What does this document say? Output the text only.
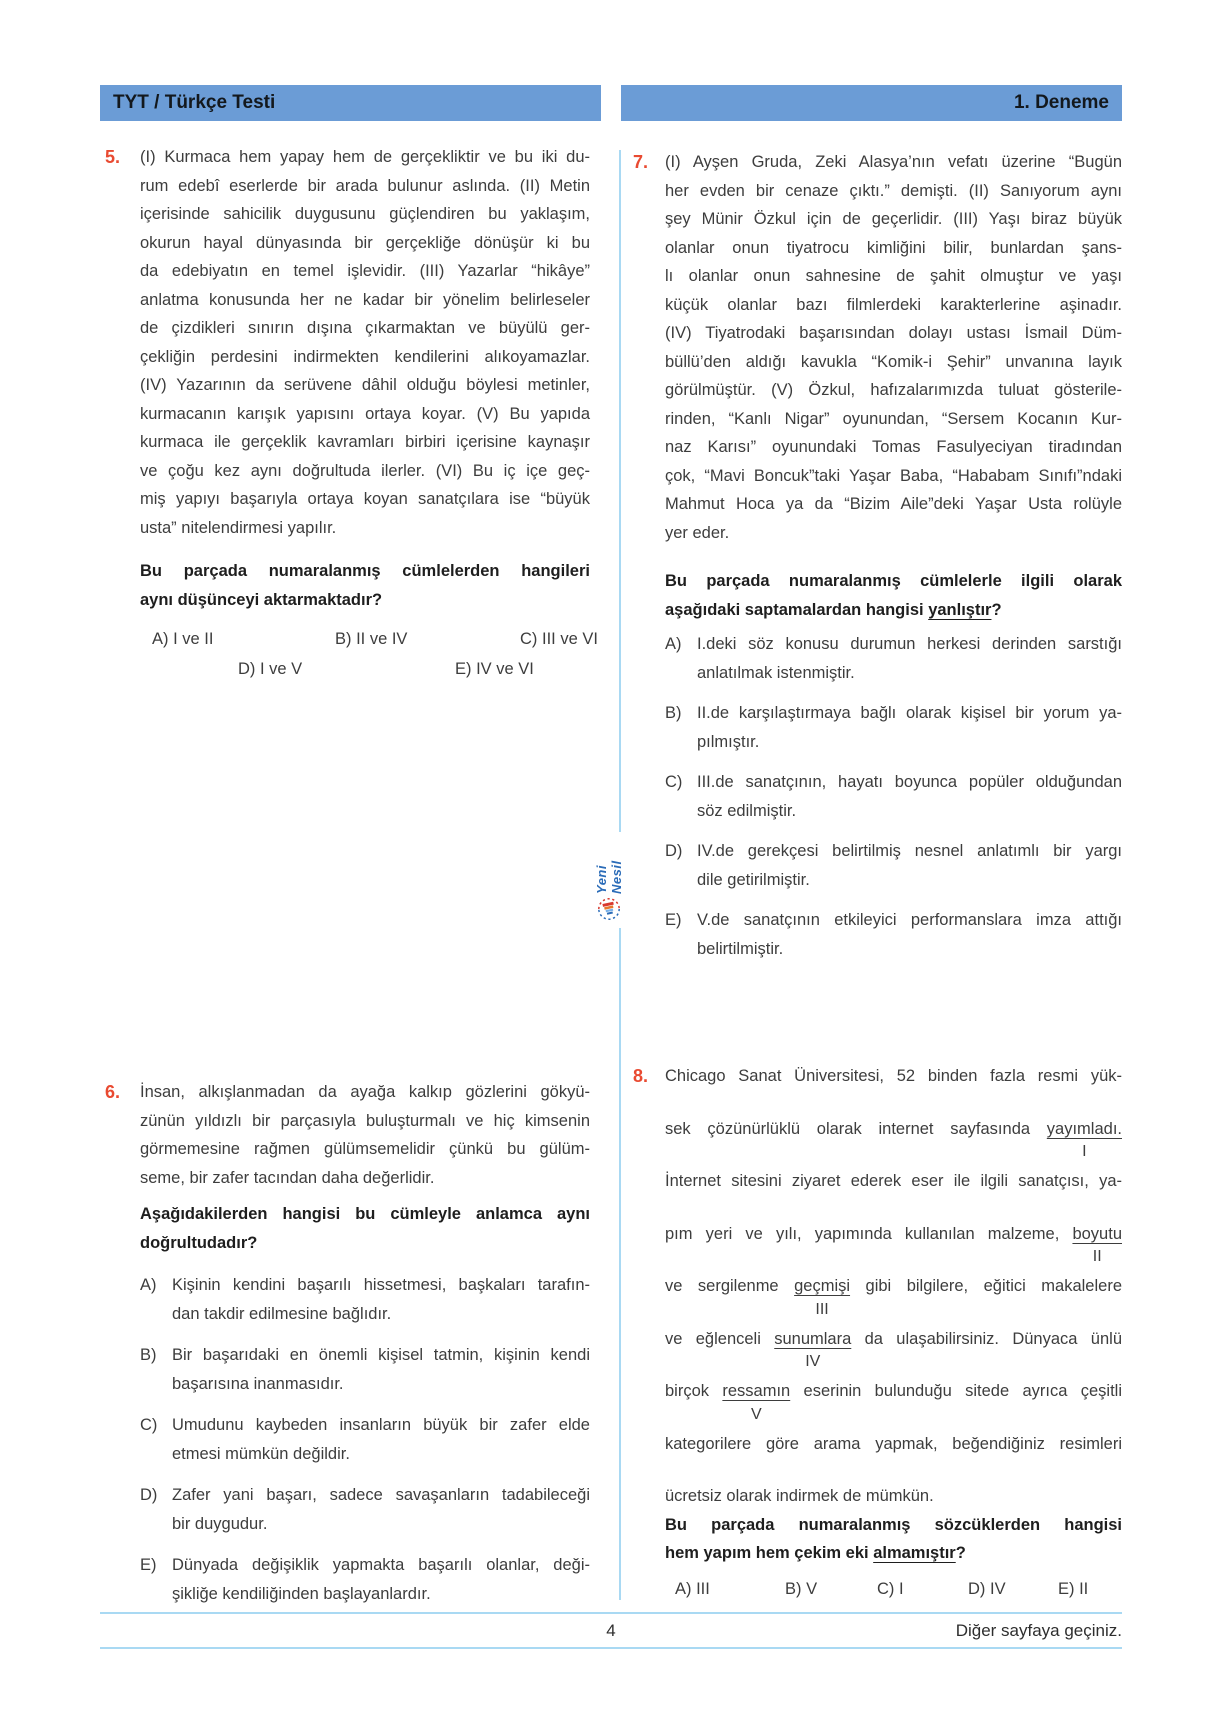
TYT / Türkçe Testi	1. Deneme
Yeni Nesil
5.	(I) Kurmaca hem yapay hem de gerçekliktir ve bu iki du-
rum edebî eserlerde bir arada bulunur aslında. (II) Metin
içerisinde sahicilik duygusunu güçlendiren bu yaklaşım,
okurun hayal dünyasında bir gerçekliğe dönüşür ki bu
da edebiyatın en temel işlevidir. (III) Yazarlar “hikâye”
anlatma konusunda her ne kadar bir yönelim belirleseler
de çizdikleri sınırın dışına çıkarmaktan ve büyülü ger-
çekliğin perdesini indirmekten kendilerini alıkoyamazlar.
(IV) Yazarının da serüvene dâhil olduğu böylesi metinler,
kurmacanın karışık yapısını ortaya koyar. (V) Bu yapıda
kurmaca ile gerçeklik kavramları birbiri içerisine kaynaşır
ve çoğu kez aynı doğrultuda ilerler. (VI) Bu iç içe geç-
miş yapıyı başarıyla ortaya koyan sanatçılara ise “büyük
usta” nitelendirmesi yapılır.
Bu parçada numaralanmış cümlelerden hangileri
aynı düşünceyi aktarmaktadır?
A) I ve II	B) II ve IV	C) III ve VI
D) I ve V	E) IV ve VI
6.	İnsan, alkışlanmadan da ayağa kalkıp gözlerini gökyü-
zünün yıldızlı bir parçasıyla buluşturmalı ve hiç kimsenin
görmemesine rağmen gülümsemelidir çünkü bu gülüm-
seme, bir zafer tacından daha değerlidir.
Aşağıdakilerden hangisi bu cümleyle anlamca aynı
doğrultudadır?
A) Kişinin kendini başarılı hissetmesi, başkaları tarafın-
dan takdir edilmesine bağlıdır.
B) Bir başarıdaki en önemli kişisel tatmin, kişinin kendi
başarısına inanmasıdır.
C) Umudunu kaybeden insanların büyük bir zafer elde
etmesi mümkün değildir.
D) Zafer yani başarı, sadece savaşanların tadabileceği
bir duygudur.
E) Dünyada değişiklik yapmakta başarılı olanlar, deği-
şikliğe kendiliğinden başlayanlardır.
7.	(I) Ayşen Gruda, Zeki Alasya’nın vefatı üzerine “Bugün
her evden bir cenaze çıktı.” demişti. (II) Sanıyorum aynı
şey Münir Özkul için de geçerlidir. (III) Yaşı biraz büyük
olanlar onun tiyatrocu kimliğini bilir, bunlardan şans-
lı olanlar onun sahnesine de şahit olmuştur ve yaşı
küçük olanlar bazı filmlerdeki karakterlerine aşinadır.
(IV) Tiyatrodaki başarısından dolayı ustası İsmail Düm-
büllü’den aldığı kavukla “Komik-i Şehir” unvanına layık
görülmüştür. (V) Özkul, hafızalarımızda tuluat gösterile-
rinden, “Kanlı Nigar” oyunundan, “Sersem Kocanın Kur-
naz Karısı” oyunundaki Tomas Fasulyeciyan tiradından
çok, “Mavi Boncuk”taki Yaşar Baba, “Hababam Sınıfı”ndaki
Mahmut Hoca ya da “Bizim Aile”deki Yaşar Usta rolüyle
yer eder.
Bu parçada numaralanmış cümlelerle ilgili olarak
aşağıdaki saptamalardan hangisi yanlıştır?
A) I.deki söz konusu durumun herkesi derinden sarstığı
anlatılmak istenmiştir.
B) II.de karşılaştırmaya bağlı olarak kişisel bir yorum ya-
pılmıştır.
C) III.de sanatçının, hayatı boyunca popüler olduğundan
söz edilmiştir.
D) IV.de gerekçesi belirtilmiş nesnel anlatımlı bir yargı
dile getirilmiştir.
E) V.de sanatçının etkileyici performanslara imza attığı
belirtilmiştir.
8.	Chicago Sanat Üniversitesi, 52 binden fazla resmi yük-
sek çözünürlüklü olarak internet sayfasında yayımladı.
I
İnternet sitesini ziyaret ederek eser ile ilgili sanatçısı, ya-
pım yeri ve yılı, yapımında kullanılan malzeme, boyutu
II
ve sergilenme geçmişi gibi bilgilere, eğitici makalelere
III
ve eğlenceli sunumlara da ulaşabilirsiniz. Dünyaca ünlü
IV
birçok ressamın eserinin bulunduğu sitede ayrıca çeşitli
V
kategorilere göre arama yapmak, beğendiğiniz resimleri
ücretsiz olarak indirmek de mümkün.
Bu parçada numaralanmış sözcüklerden hangisi
hem yapım hem çekim eki almamıştır?
A) III	B) V	C) I	D) IV	E) II
4	Diğer sayfaya geçiniz.
